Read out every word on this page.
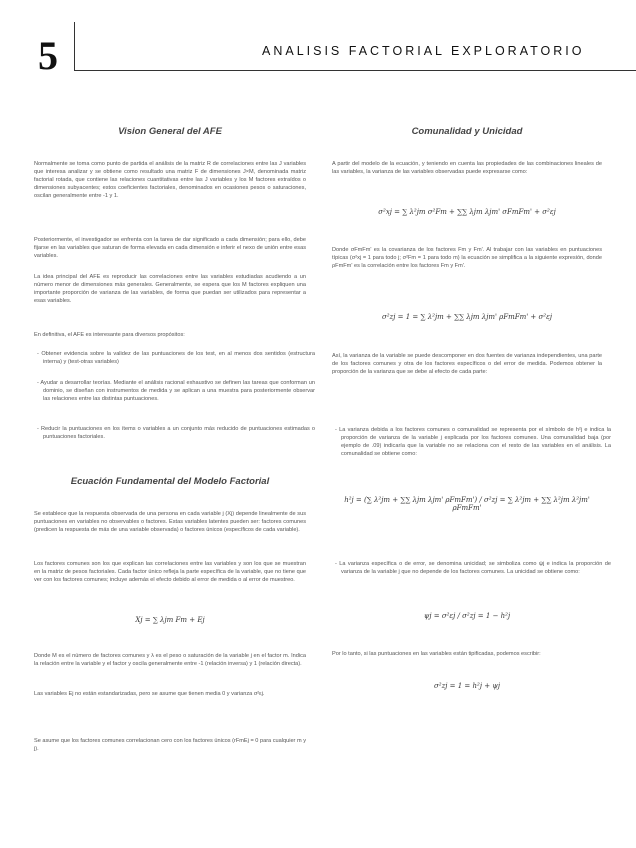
5	ANALISIS FACTORIAL EXPLORATORIO
Vision General del AFE
Normalmente se toma como punto de partida el análisis de la matriz R de correlaciones entre las J variables que interesa analizar y se obtiene como resultado una matriz F de dimensiones J×M, denominada matriz factorial rotada, que contiene las relaciones cuantitativas entre las J variables y los M factores extraídos o dimensiones subyacentes; estos coeficientes factoriales, denominados en ocasiones pesos o saturaciones, oscilan generalmente entre -1 y 1.
Posteriormente, el investigador se enfrenta con la tarea de dar significado a cada dimensión; para ello, debe fijarse en las variables que saturan de forma elevada en cada dimensión e inferir el nexo de unión entre esas variables.
La idea principal del AFE es reproducir las correlaciones entre las variables estudiadas acudiendo a un número menor de dimensiones más generales. Generalmente, se espera que los M factores expliquen una importante proporción de varianza de las variables, de forma que puedan ser utilizados para representar a esas variables.
En definitiva, el AFE es interesante para diversos propósitos:
- Obtener evidencia sobre la validez de las puntuaciones de los test, en al menos dos sentidos (estructura interna) y (test-otras variables)
- Ayudar a desarrollar teorías. Mediante el análisis racional exhaustivo se definen las tareas que conforman un dominio, se diseñan con instrumentos de medida y se aplican a una muestra para posteriormente observar las relaciones entre las distintas puntuaciones.
- Reducir la puntuaciones en los ítems o variables a un conjunto más reducido de puntuaciones estimadas o puntuaciones factoriales.
Ecuación Fundamental del Modelo Factorial
Se establece que la respuesta observada de una persona en cada variable j (Xj) depende linealmente de sus puntuaciones en variables no observables o factores. Estas variables latentes pueden ser: factores comunes (predicen la respuesta de más de una variable observada) o factores únicos (específicos de cada variable).
Los factores comunes son los que explican las correlaciones entre las variables y son los que se muestran en la matriz de pesos factoriales. Cada factor único refleja la parte específica de la variable, que no tiene que ver con los factores comunes; incluye además el efecto debido al error de medida o al error de muestreo.
Xj = ∑ λjm Fm + Ej
Donde M es el número de factores comunes y λ es el peso o saturación de la variable j en el factor m. Indica la relación entre la variable y el factor y oscila generalmente entre -1 (relación inversa) y 1 (relación directa).
Las variables Ej no están estandarizadas, pero se asume que tienen media 0 y varianza σ²εj.
Se asume que los factores comunes correlacionan cero con los factores únicos (rFmEj = 0 para cualquier m y j).
Comunalidad y Unicidad
A partir del modelo de la ecuación, y teniendo en cuenta las propiedades de las combinaciones lineales de las variables, la varianza de las variables observadas puede expresarse como:
σ²xj = ∑ λ²jm σ²Fm + ∑∑ λjm λjm' σFmFm' + σ²εj
Donde σFmFm' es la covarianza de los factores Fm y Fm'. Al trabajar con las variables en puntuaciones típicas (σ²xj = 1 para todo j; σ²Fm = 1 para todo m) la ecuación se simplifica a la siguiente expresión, donde ρFmFm' es la correlación entre los factores Fm y Fm'.
σ²zj = 1 = ∑ λ²jm + ∑∑ λjm λjm' ρFmFm' + σ²εj
Así, la varianza de la variable se puede descomponer en dos fuentes de varianza independientes, una parte de los factores comunes y otra de los factores específicos o del error de medida. Podemos obtener la proporción de la varianza que se debe al efecto de cada parte:
- La varianza debida a los factores comunes o comunalidad se representa por el símbolo de h²j e indica la proporción de varianza de la variable j explicada por los factores comunes. Una comunalidad baja (por ejemplo de .09) indicaría que la variable no se relaciona con el resto de las variables en el análisis. La comunalidad se obtiene como:
h²j = (∑ λ²jm + ∑∑ λjm λjm' ρFmFm') / σ²zj = ∑ λ²jm + ∑∑ λ²jm λ²jm' ρFmFm'
- La varianza específica o de error, se denomina unicidad; se simboliza como ψj e indica la proporción de varianza de la variable j que no depende de los factores comunes. La unicidad se obtiene como:
ψj = σ²εj / σ²zj = 1 − h²j
Por lo tanto, si las puntuaciones en las variables están tipificadas, podemos escribir:
σ²zj = 1 = h²j + ψj
